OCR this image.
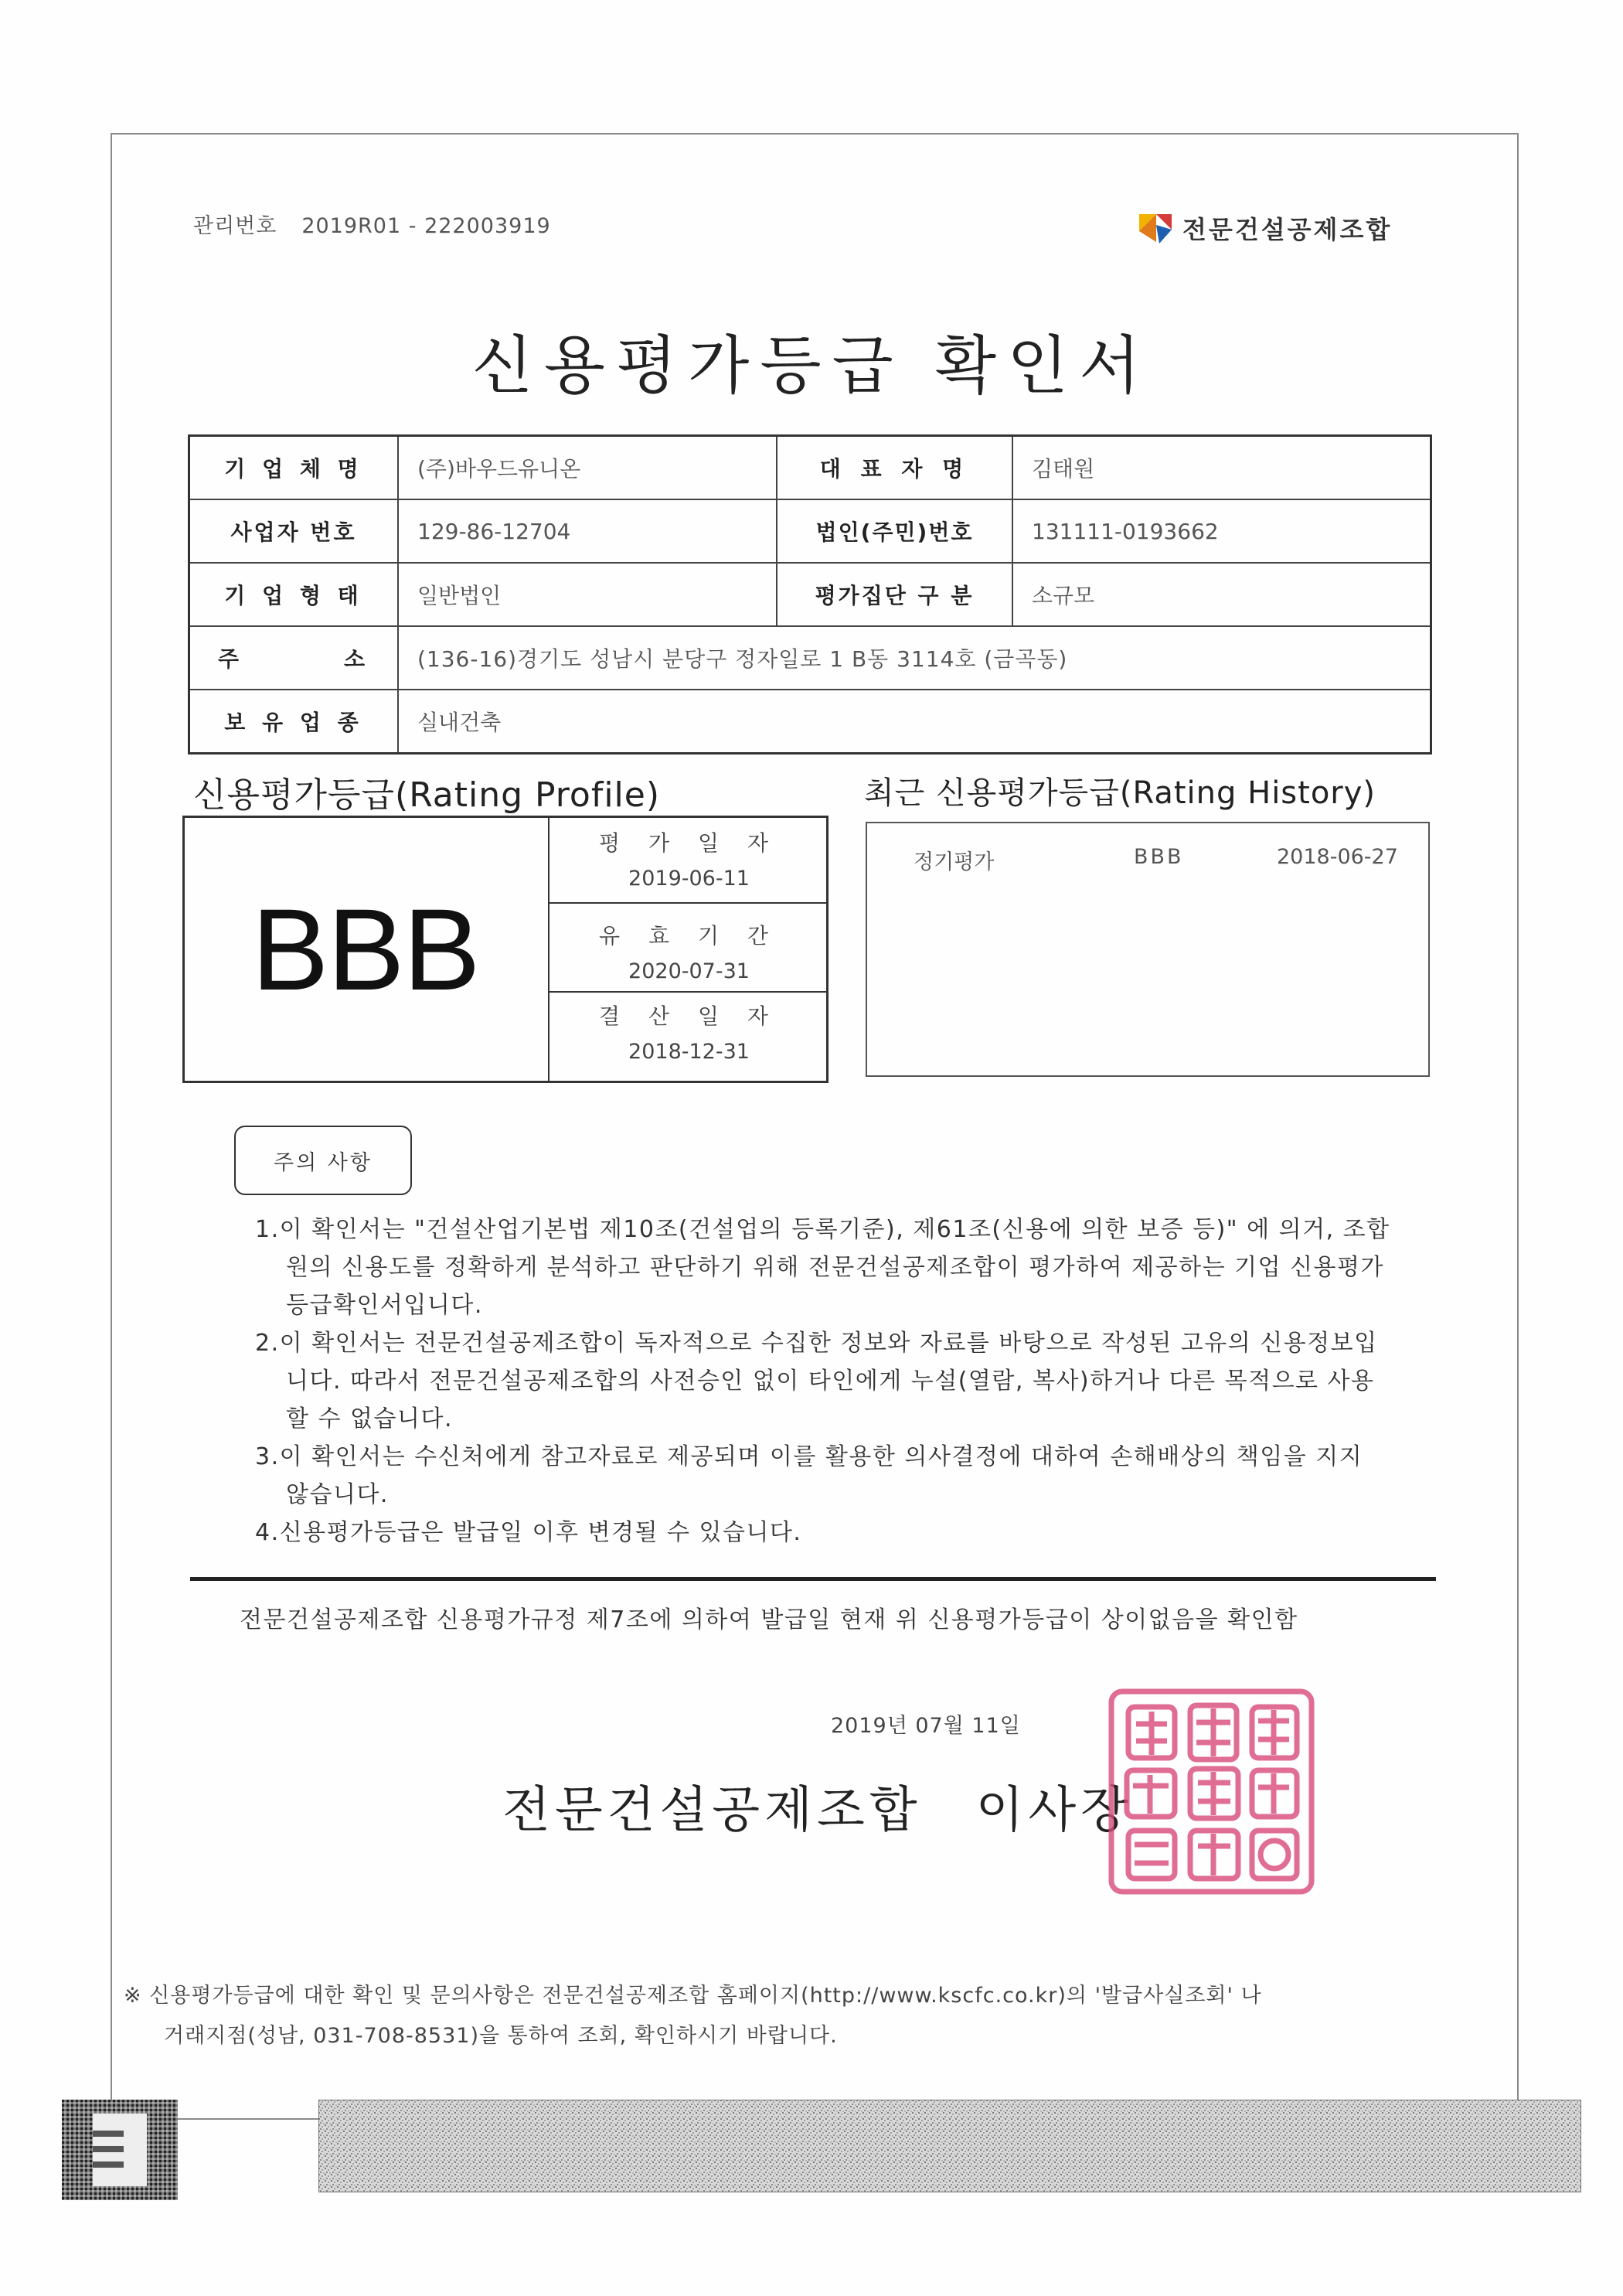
관리번호 2019R01 - 222003919	전문건설공제조합
신용평가등급 확인서
기 업 체 명	(주)바우드유니온	대 표 자 명	김태원
사업자 번호	129-86-12704	법인(주민)번호	131111-0193662
기 업 형 태	일반법인	평가집단 구 분	소규모

주 소	(136-16)경기도 성남시 분당구 정자일로 1 B동 3114호 (금곡동)		
보 유 업 종	실내건축		
신용평가등급(Rating Profile)	최근 신용평가등급(Rating History)
BBB
평 가 일 자
2019-06-11
유 효 기 간
2020-07-31
결 산 일 자
2018-12-31
정기평가	BBB	2018-06-27
주의 사항
1.이 확인서는 "건설산업기본법 제10조(건설업의 등록기준), 제61조(신용에 의한 보증 등)" 에 의거, 조합원의 신용도를 정확하게 분석하고 판단하기 위해 전문건설공제조합이 평가하여 제공하는 기업 신용평가등급확인서입니다.
2.이 확인서는 전문건설공제조합이 독자적으로 수집한 정보와 자료를 바탕으로 작성된 고유의 신용정보입니다. 따라서 전문건설공제조합의 사전승인 없이 타인에게 누설(열람, 복사)하거나 다른 목적으로 사용할 수 없습니다.
3.이 확인서는 수신처에게 참고자료로 제공되며 이를 활용한 의사결정에 대하여 손해배상의 책임을 지지 않습니다.
4.신용평가등급은 발급일 이후 변경될 수 있습니다.
전문건설공제조합 신용평가규정 제7조에 의하여 발급일 현재 위 신용평가등급이 상이없음을 확인함
2019년 07월 11일
전문건설공제조합 이사장
※ 신용평가등급에 대한 확인 및 문의사항은 전문건설공제조합 홈페이지(http://www.kscfc.co.kr)의 '발급사실조회' 나
거래지점(성남, 031-708-8531)을 통하여 조회, 확인하시기 바랍니다.
